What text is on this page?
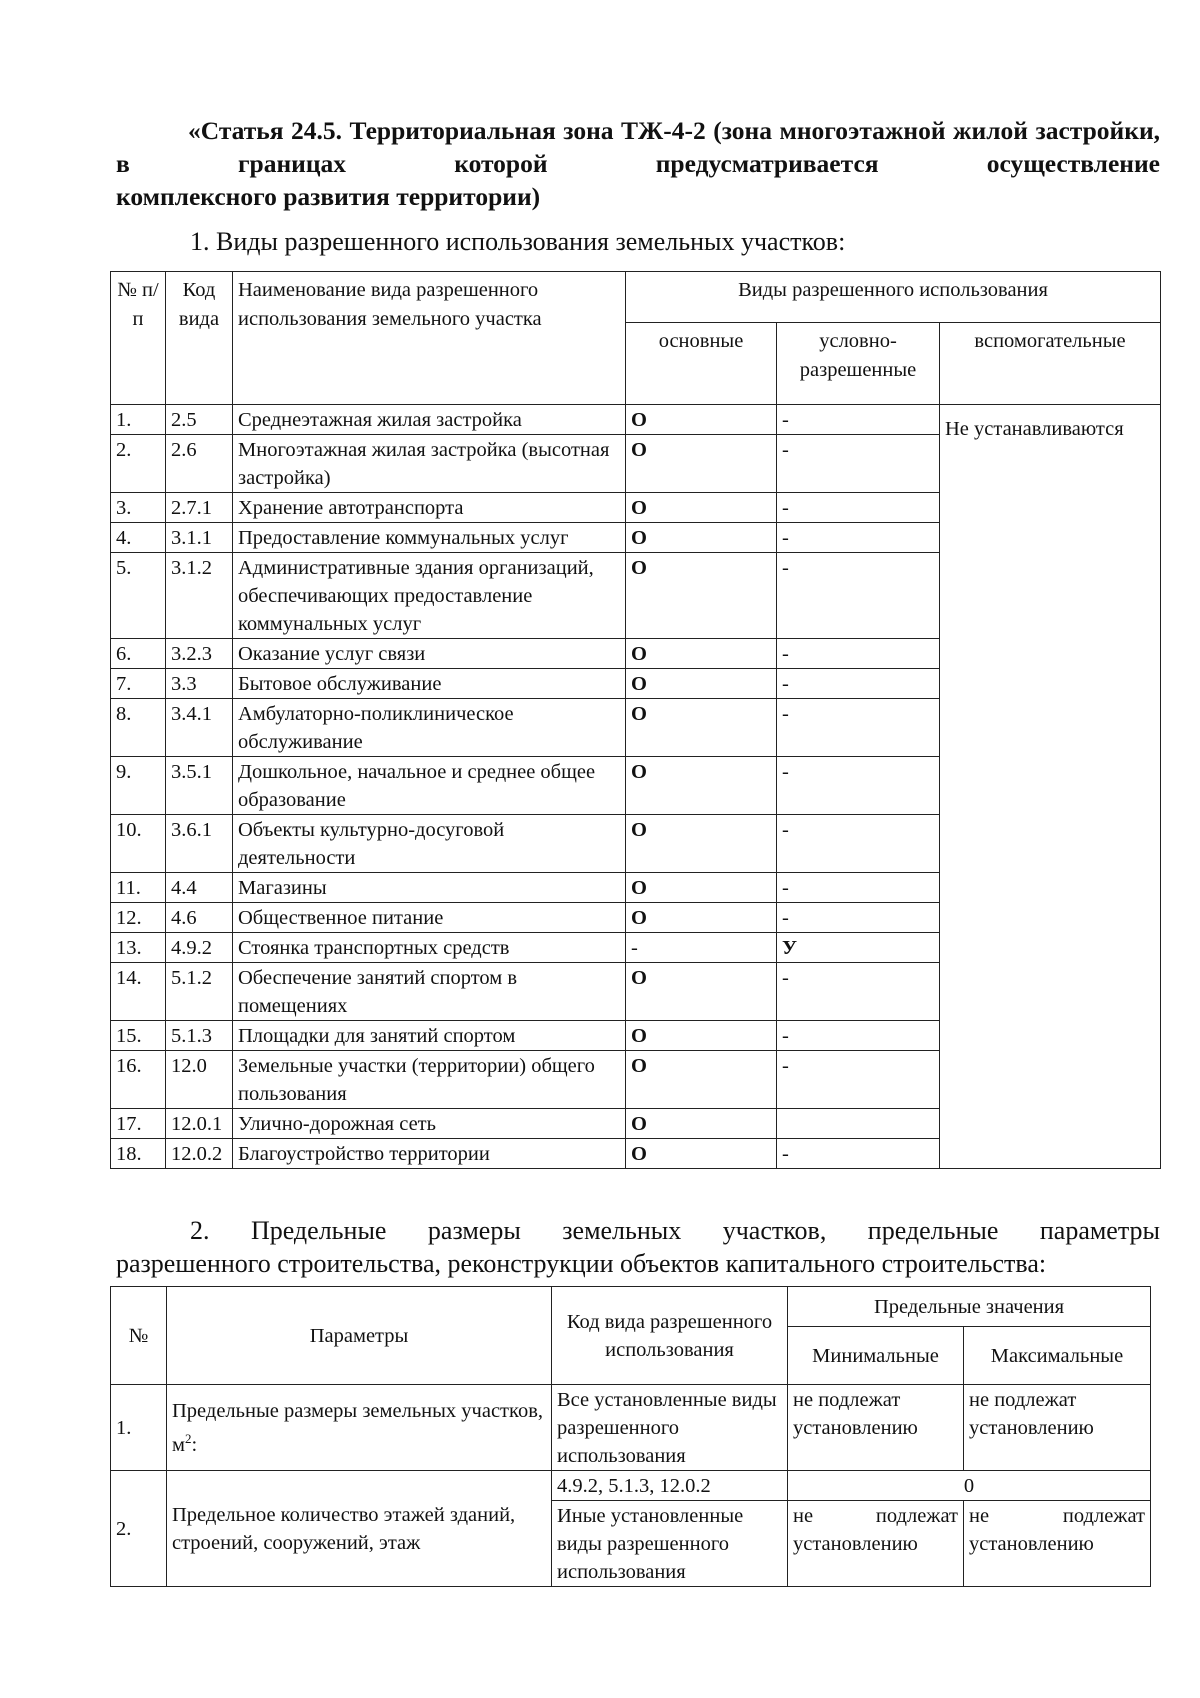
«Статья 24.5. Территориальная зона ТЖ-4-2 (зона многоэтажной жилой застройки, в границах которой предусматривается осуществление
комплексного развития территории)
1. Виды разрешенного использования земельных участков:
№ п/п	Код вида	Наименование вида разрешенного использования земельного участка	Виды разрешенного использования		
			основные	условно-разрешенные	вспомогательные
1.	2.5	Среднеэтажная жилая застройка	О	-	Не устанавливаются
2.	2.6	Многоэтажная жилая застройка (высотная застройка)	О	-	
3.	2.7.1	Хранение автотранспорта	О	-	
4.	3.1.1	Предоставление коммунальных услуг	О	-	
5.	3.1.2	Административные здания организаций, обеспечивающих предоставление коммунальных услуг	О	-	
6.	3.2.3	Оказание услуг связи	О	-	
7.	3.3	Бытовое обслуживание	О	-	
8.	3.4.1	Амбулаторно-поликлиническое обслуживание	О	-	
9.	3.5.1	Дошкольное, начальное и среднее общее образование	О	-	
10.	3.6.1	Объекты культурно-досуговой деятельности	О	-	
11.	4.4	Магазины	О	-	
12.	4.6	Общественное питание	О	-	
13.	4.9.2	Стоянка транспортных средств	-	У	
14.	5.1.2	Обеспечение занятий спортом в помещениях	О	-	
15.	5.1.3	Площадки для занятий спортом	О	-	
16.	12.0	Земельные участки (территории) общего пользования	О	-	
17.	12.0.1	Улично-дорожная сеть	О		
18.	12.0.2	Благоустройство территории	О	-	
2. Предельные размеры земельных участков, предельные параметры
разрешенного строительства, реконструкции объектов капитального строительства:
№	Параметры	Код вида разрешенного использования	Предельные значения	
			Минимальные	Максимальные
1.	Предельные размеры земельных участков, $м^2$:	Все установленные виды разрешенного использования	не подлежат установлению	не подлежат установлению
2.	Предельное количество этажей зданий, строений, сооружений, этаж	4.9.2, 5.1.3, 12.0.2	0	
		Иные установленные виды разрешенного использования	не подлежат установлению	не подлежат установлению
